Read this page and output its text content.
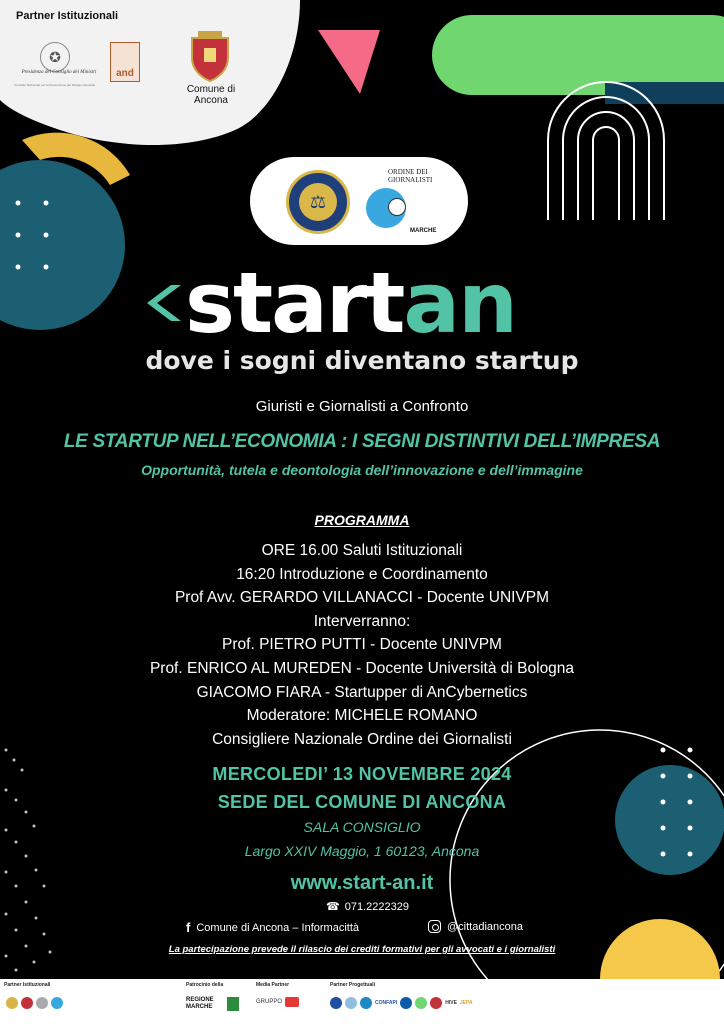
Partner Istituzionali
✪
Presidenza del Consiglio dei Ministri
Comitato Nazionale per la Prevenzione del Disagio Giovanile
and
Comune di Ancona
⚖
ORDINE DEI GIORNALISTI
MARCHE
start an
dove i sogni diventano startup
Giuristi e Giornalisti a Confronto
LE STARTUP NELL’ECONOMIA : I SEGNI DISTINTIVI DELL’IMPRESA
Opportunità, tutela e deontologia dell’innovazione e dell’immagine
PROGRAMMA
ORE 16.00 Saluti Istituzionali
16:20 Introduzione e Coordinamento
Prof Avv. GERARDO VILLANACCI - Docente UNIVPM
Interverranno:
Prof. PIETRO PUTTI - Docente UNIVPM
Prof. ENRICO AL MUREDEN - Docente Università di Bologna
GIACOMO FIARA - Startupper di AnCybernetics
Moderatore: MICHELE ROMANO
Consigliere Nazionale Ordine dei Giornalisti
MERCOLEDI’ 13 NOVEMBRE 2024
SEDE DEL COMUNE DI ANCONA
SALA CONSIGLIO
Largo XXIV Maggio, 1 60123, Ancona
www.start-an.it
☎ 071.2222329
f Comune di Ancona – Informacittà	@cittadiancona
La partecipazione prevede il rilascio dei crediti formativi per gli avvocati e i giornalisti
Partner Istituzionali	Patrocinio della	Media Partner	Partner Progettuali
REGIONE MARCHE
GRUPPO	CONFAPI	HIVE JEPA
